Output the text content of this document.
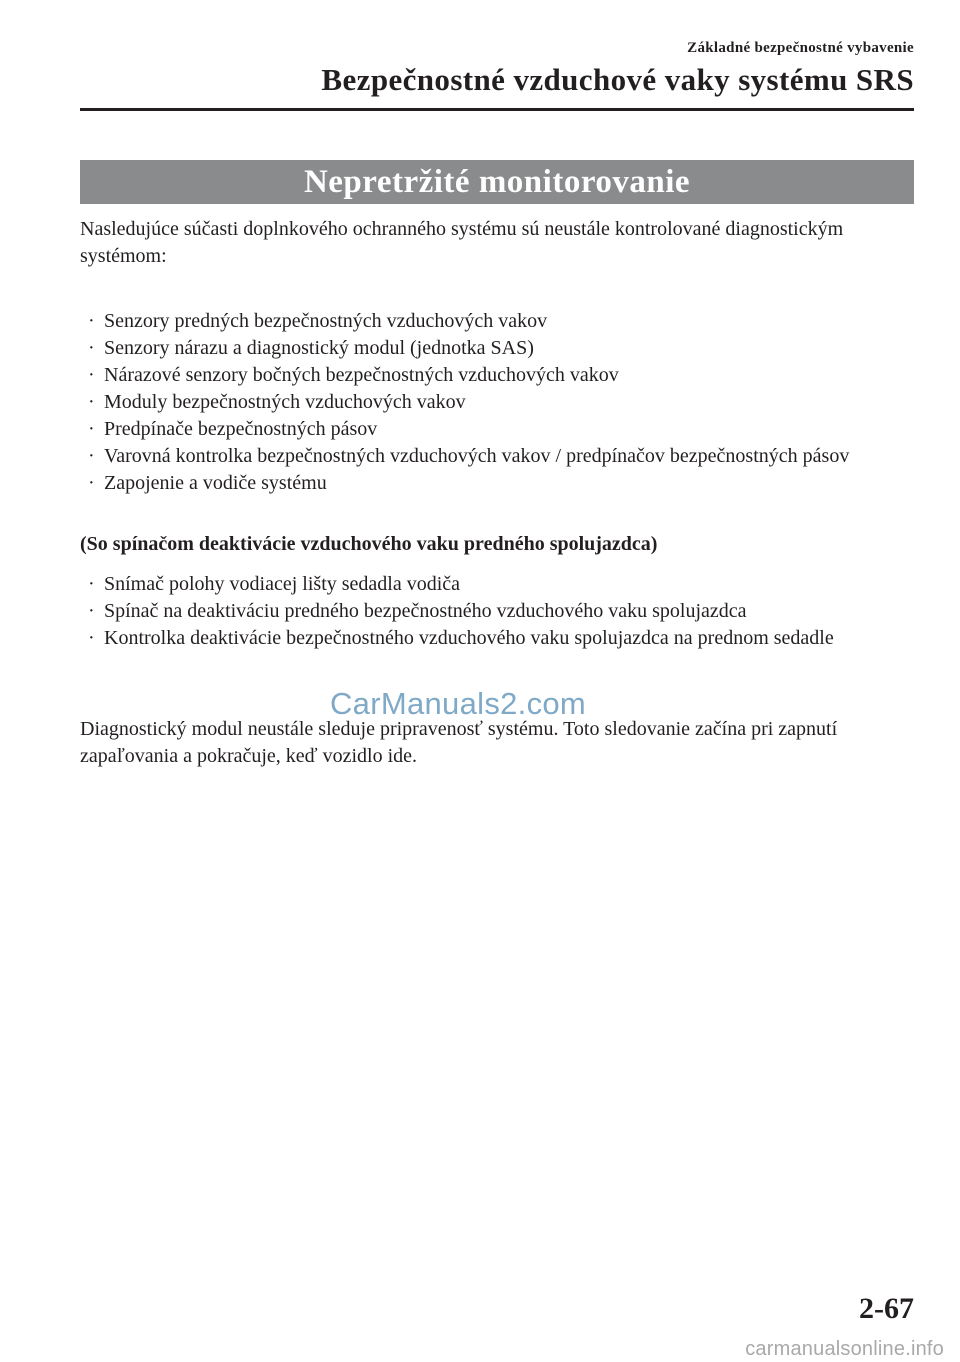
Základné bezpečnostné vybavenie
Bezpečnostné vzduchové vaky systému SRS
Nepretržité monitorovanie
Nasledujúce súčasti doplnkového ochranného systému sú neustále kontrolované diagnostickým systémom:
· Senzory predných bezpečnostných vzduchových vakov
· Senzory nárazu a diagnostický modul (jednotka SAS)
· Nárazové senzory bočných bezpečnostných vzduchových vakov
· Moduly bezpečnostných vzduchových vakov
· Predpínače bezpečnostných pásov
· Varovná kontrolka bezpečnostných vzduchových vakov / predpínačov bezpečnostných pásov
· Zapojenie a vodiče systému
(So spínačom deaktivácie vzduchového vaku predného spolujazdca)
· Snímač polohy vodiacej lišty sedadla vodiča
· Spínač na deaktiváciu predného bezpečnostného vzduchového vaku spolujazdca
· Kontrolka deaktivácie bezpečnostného vzduchového vaku spolujazdca na prednom sedadle
CarManuals2.com
Diagnostický modul neustále sleduje pripravenosť systému. Toto sledovanie začína pri zapnutí zapaľovania a pokračuje, keď vozidlo ide.
2-67
carmanualsonline.info
